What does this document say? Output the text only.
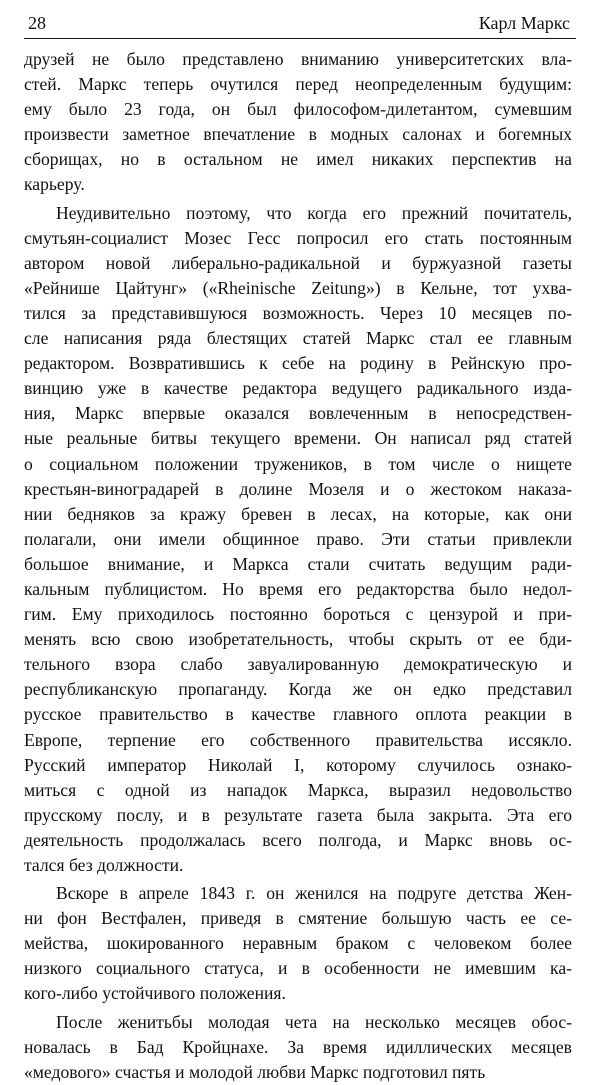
28	Карл Маркс
друзей не было представлено вниманию университетских вла-
стей. Маркс теперь очутился перед неопределенным будущим:
ему было 23 года, он был философом-дилетантом, сумевшим
произвести заметное впечатление в модных салонах и богемных
сборищах, но в остальном не имел никаких перспектив на
карьеру.
Неудивительно поэтому, что когда его прежний почитатель,
смутьян-социалист Мозес Гесс попросил его стать постоянным
автором новой либерально-радикальной и буржуазной газеты
«Рейнише Цайтунг» («Rheinische Zeitung») в Кельне, тот ухва-
тился за представившуюся возможность. Через 10 месяцев по-
сле написания ряда блестящих статей Маркс стал ее главным
редактором. Возвратившись к себе на родину в Рейнскую про-
винцию уже в качестве редактора ведущего радикального изда-
ния, Маркс впервые оказался вовлеченным в непосредствен-
ные реальные битвы текущего времени. Он написал ряд статей
о социальном положении тружеников, в том числе о нищете
крестьян-виноградарей в долине Мозеля и о жестоком наказа-
нии бедняков за кражу бревен в лесах, на которые, как они
полагали, они имели общинное право. Эти статьи привлекли
большое внимание, и Маркса стали считать ведущим ради-
кальным публицистом. Но время его редакторства было недол-
гим. Ему приходилось постоянно бороться с цензурой и при-
менять всю свою изобретательность, чтобы скрыть от ее бди-
тельного взора слабо завуалированную демократическую и
республиканскую пропаганду. Когда же он едко представил
русское правительство в качестве главного оплота реакции в
Европе, терпение его собственного правительства иссякло.
Русский император Николай I, которому случилось ознако-
миться с одной из нападок Маркса, выразил недовольство
прусскому послу, и в результате газета была закрыта. Эта его
деятельность продолжалась всего полгода, и Маркс вновь ос-
тался без должности.
Вскоре в апреле 1843 г. он женился на подруге детства Жен-
ни фон Вестфален, приведя в смятение большую часть ее се-
мейства, шокированного неравным браком с человеком более
низкого социального статуса, и в особенности не имевшим ка-
кого-либо устойчивого положения.
После женитьбы молодая чета на несколько месяцев обос-
новалась в Бад Кройцнахе. За время идиллических месяцев
«медового» счастья и молодой любви Маркс подготовил пять
